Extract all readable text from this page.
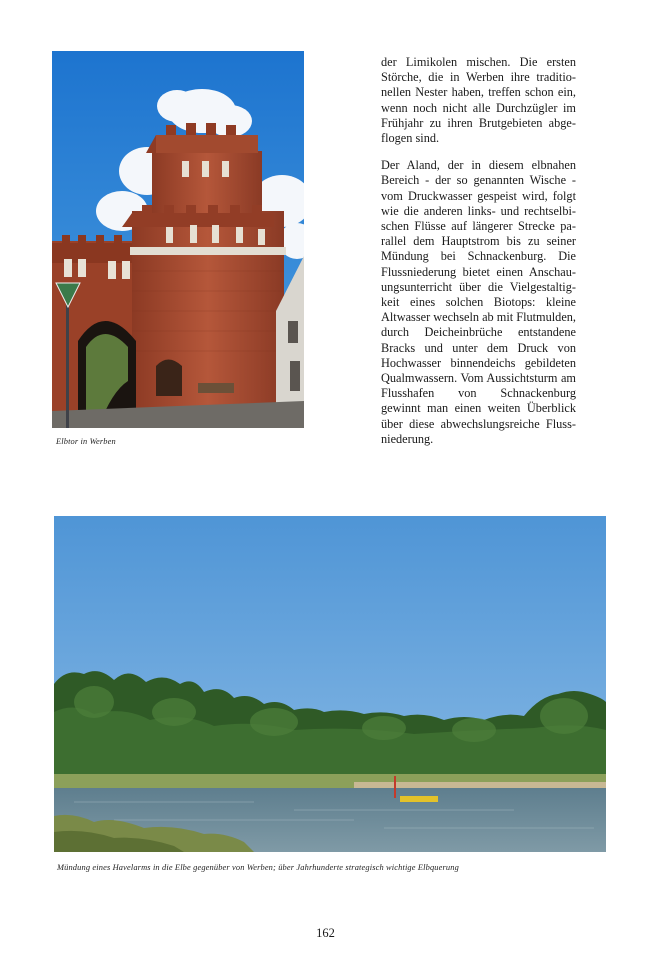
Elbtor in Werben

der Limikolen mischen. Die ersten Störche, die in Werben ihre traditionellen Nester haben, treffen schon ein, wenn noch nicht alle Durchzügler im Frühjahr zu ihren Brutgebieten abgeflogen sind.

Der Aland, der in diesem elbnahen Bereich - der so genannten Wische - vom Druckwasser gespeist wird, folgt wie die anderen links- und rechtselbischen Flüsse auf längerer Strecke parallel dem Hauptstrom bis zu seiner Mündung bei Schnackenburg. Die Flussniederung bietet einen Anschauungsunterricht über die Vielgestaltigkeit eines solchen Biotops: kleine Altwasser wechseln ab mit Flutmulden, durch Deicheinbrüche entstandene Bracks und unter dem Druck von Hochwasser binnendeichs gebildeten Qualmwassern. Vom Aussichtsturm am Flusshafen von Schnackenburg gewinnt man einen weiten Überblick über diese abwechslungsreiche Flussniederung.

Mündung eines Havelarms in die Elbe gegenüber von Werben; über Jahrhunderte strategisch wichtige Elbquerung
162
